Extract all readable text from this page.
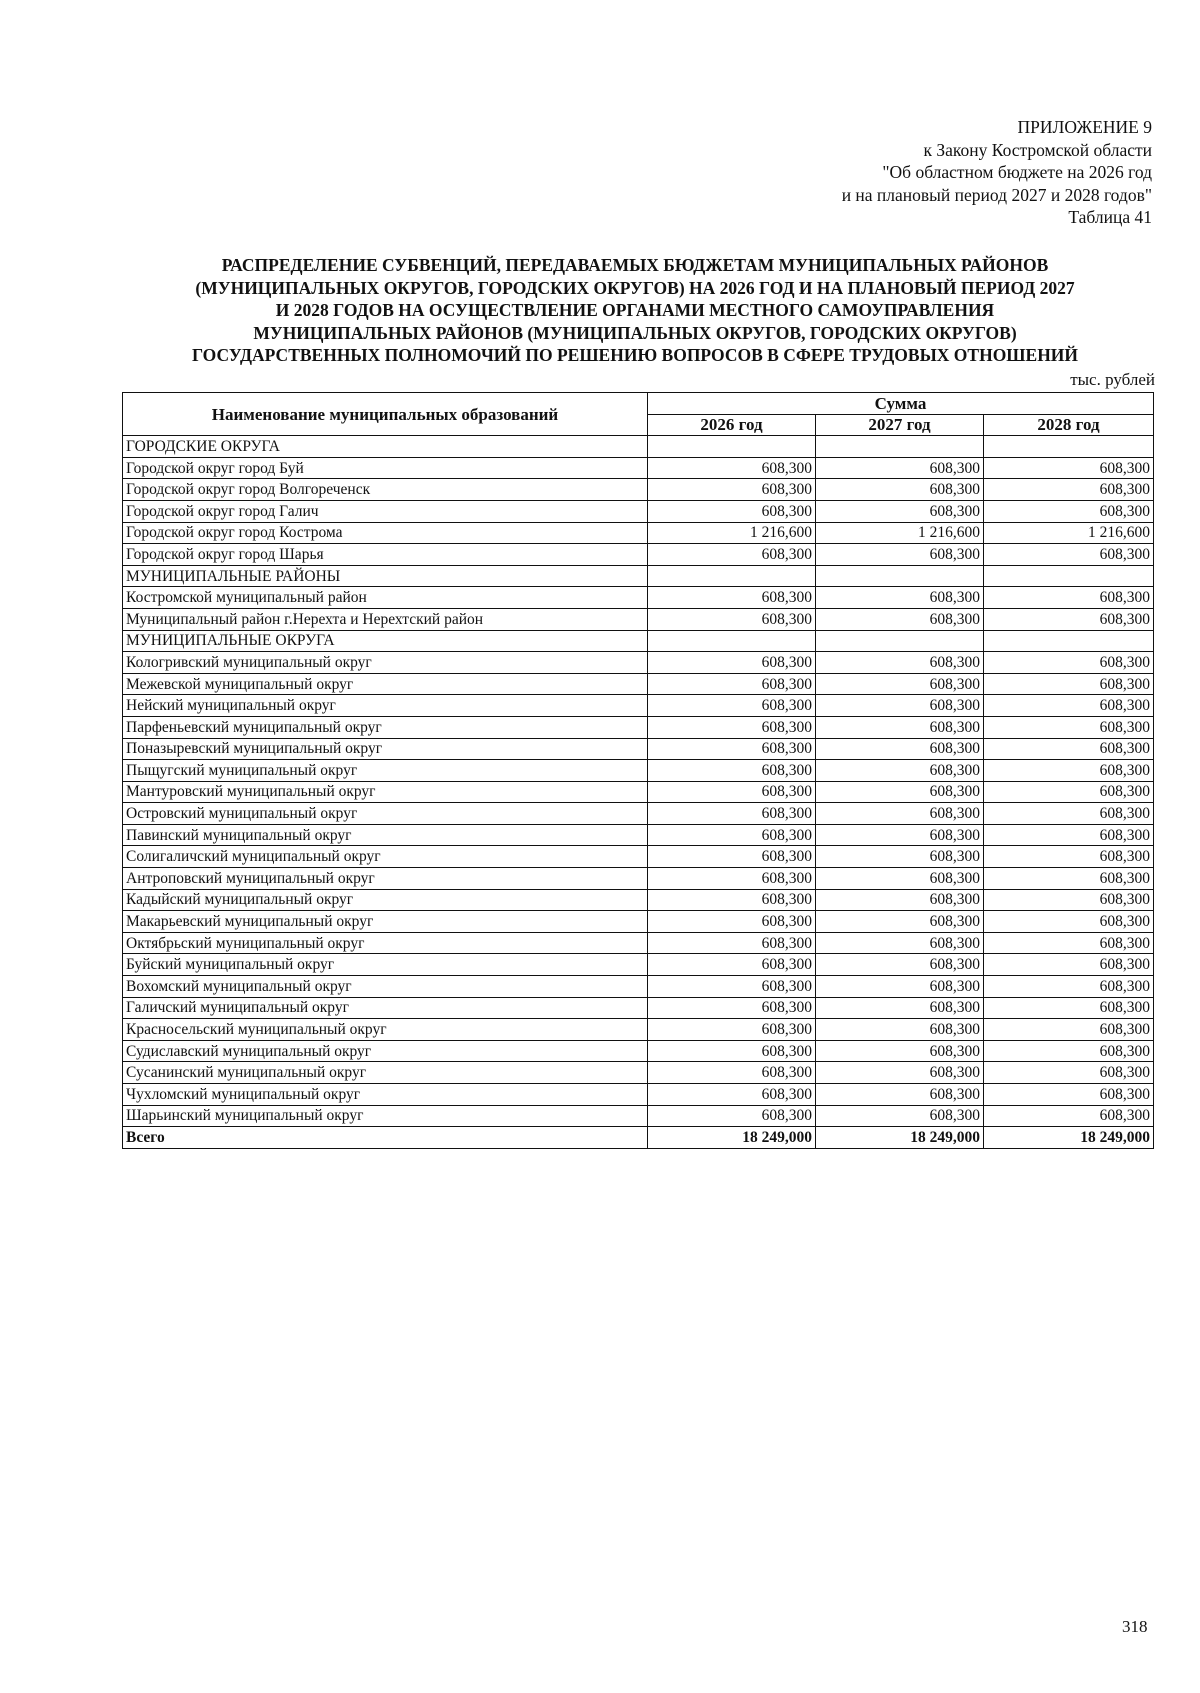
ПРИЛОЖЕНИЕ 9
к Закону Костромской области
"Об областном бюджете на 2026 год
и на плановый период 2027 и 2028 годов"
Таблица 41
РАСПРЕДЕЛЕНИЕ СУБВЕНЦИЙ, ПЕРЕДАВАЕМЫХ БЮДЖЕТАМ МУНИЦИПАЛЬНЫХ РАЙОНОВ
(МУНИЦИПАЛЬНЫХ ОКРУГОВ, ГОРОДСКИХ ОКРУГОВ) НА 2026 ГОД И НА ПЛАНОВЫЙ ПЕРИОД 2027
И 2028 ГОДОВ НА ОСУЩЕСТВЛЕНИЕ ОРГАНАМИ МЕСТНОГО САМОУПРАВЛЕНИЯ
МУНИЦИПАЛЬНЫХ РАЙОНОВ (МУНИЦИПАЛЬНЫХ ОКРУГОВ, ГОРОДСКИХ ОКРУГОВ)
ГОСУДАРСТВЕННЫХ ПОЛНОМОЧИЙ ПО РЕШЕНИЮ ВОПРОСОВ В СФЕРЕ ТРУДОВЫХ ОТНОШЕНИЙ
тыс. рублей
Наименование муниципальных образований	Сумма		
	2026 год	2027 год	2028 год
ГОРОДСКИЕ ОКРУГА			
Городской округ город Буй	608,300	608,300	608,300
Городской округ город Волгореченск	608,300	608,300	608,300
Городской округ город Галич	608,300	608,300	608,300
Городской округ город Кострома	1 216,600	1 216,600	1 216,600
Городской округ город Шарья	608,300	608,300	608,300
МУНИЦИПАЛЬНЫЕ РАЙОНЫ			
Костромской муниципальный район	608,300	608,300	608,300
Муниципальный район г.Нерехта и Нерехтский район	608,300	608,300	608,300
МУНИЦИПАЛЬНЫЕ ОКРУГА			
Кологривский муниципальный округ	608,300	608,300	608,300
Межевской муниципальный округ	608,300	608,300	608,300
Нейский муниципальный округ	608,300	608,300	608,300
Парфеньевский муниципальный округ	608,300	608,300	608,300
Поназыревский муниципальный округ	608,300	608,300	608,300
Пыщугский муниципальный округ	608,300	608,300	608,300
Мантуровский муниципальный округ	608,300	608,300	608,300
Островский муниципальный округ	608,300	608,300	608,300
Павинский муниципальный округ	608,300	608,300	608,300
Солигаличский муниципальный округ	608,300	608,300	608,300
Антроповский муниципальный округ	608,300	608,300	608,300
Кадыйский муниципальный округ	608,300	608,300	608,300
Макарьевский муниципальный округ	608,300	608,300	608,300
Октябрьский муниципальный округ	608,300	608,300	608,300
Буйский муниципальный округ	608,300	608,300	608,300
Вохомский муниципальный округ	608,300	608,300	608,300
Галичский муниципальный округ	608,300	608,300	608,300
Красносельский муниципальный округ	608,300	608,300	608,300
Судиславский муниципальный округ	608,300	608,300	608,300
Сусанинский муниципальный округ	608,300	608,300	608,300
Чухломский муниципальный округ	608,300	608,300	608,300
Шарьинский муниципальный округ	608,300	608,300	608,300
Всего	18 249,000	18 249,000	18 249,000
318
